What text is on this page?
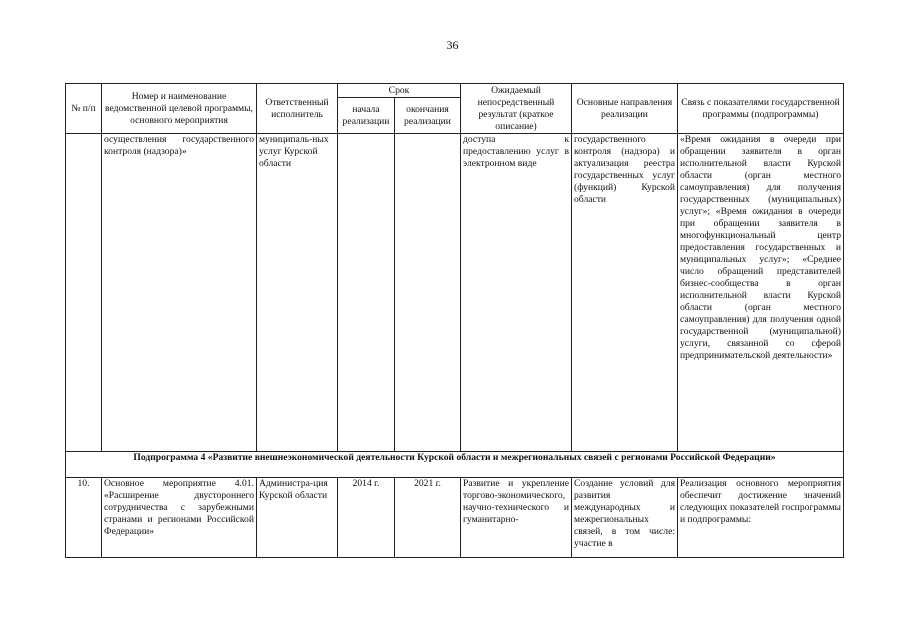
36
№ п/п	Номер и наименование ведомственной целевой программы, основного мероприятия	Ответственный исполнитель	Срок		Ожидаемый непосредственный результат (краткое описание)	Основные направления реализации	Связь с показателями государственной программы (подпрограммы)
			начала реализации	окончания реализации			
	осуществления государственного контроля (надзора)»	муниципаль-ных услуг Курской области			доступа к предоставлению услуг в электронном виде	государственного контроля (надзора) и актуализация реестра государственных услуг (функций) Курской области	«Время ожидания в очереди при обращении заявителя в орган исполнительной власти Курской области (орган местного самоуправления) для получения государственных (муниципальных) услуг»; «Время ожидания в очереди при обращении заявителя в многофункциональный центр предоставления государственных и муниципальных услуг»; «Среднее число обращений представителей бизнес-сообщества в орган исполнительной власти Курской области (орган местного самоуправления) для получения одной государственной (муниципальной) услуги, связанной со сферой предпринимательской деятельности»
Подпрограмма 4 «Развитие внешнеэкономической деятельности Курской области и межрегиональных связей с регионами Российской Федерации»							
10.	Основное мероприятие 4.01. «Расширение двустороннего сотрудничества с зарубежными странами и регионами Российской Федерации»	Администра-ция Курской области	2014 г.	2021 г.	Развитие и укрепление торгово-экономического, научно-технического и гуманитарно-	Создание условий для развития международных и межрегиональных связей, в том числе: участие в	Реализация основного мероприятия обеспечит достижение значений следующих показателей госпрограммы и подпрограммы:
